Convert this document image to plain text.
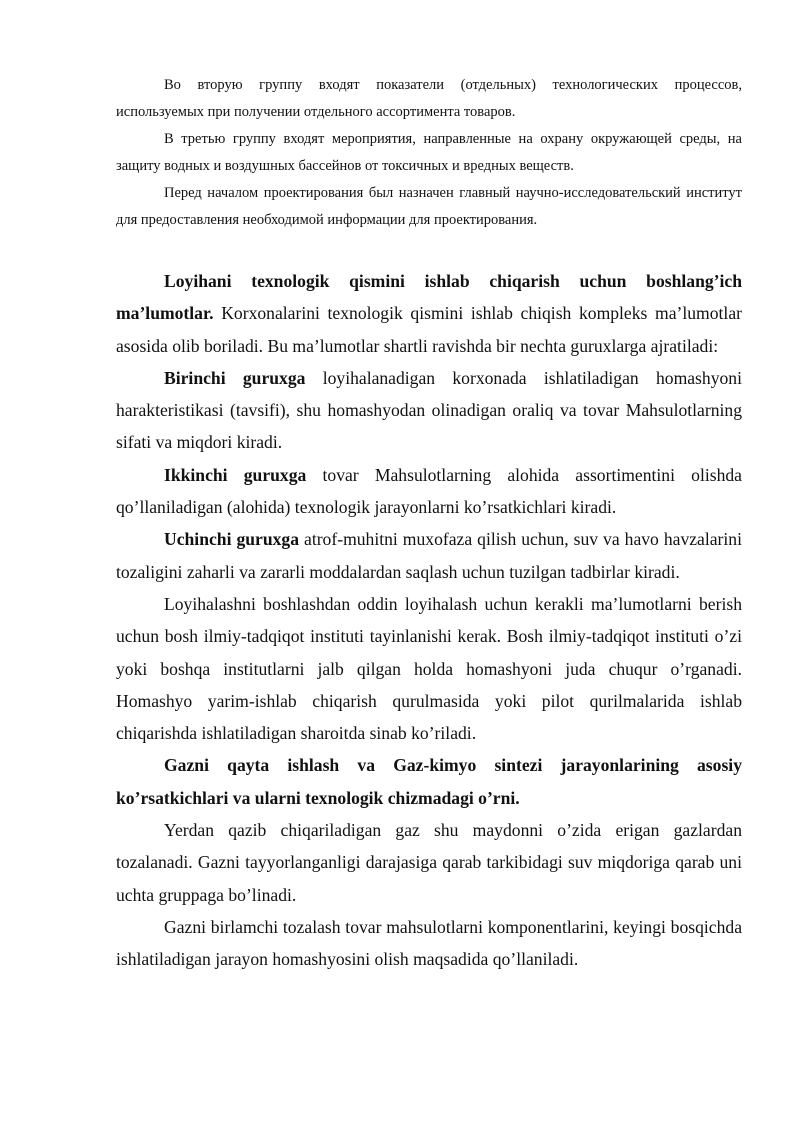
Во вторую группу входят показатели (отдельных) технологических процессов, используемых при получении отдельного ассортимента товаров.

В третью группу входят мероприятия, направленные на охрану окружающей среды, на защиту водных и воздушных бассейнов от токсичных и вредных веществ.

Перед началом проектирования был назначен главный научно-исследовательский институт для предоставления необходимой информации для проектирования.

Loyihani texnologik qismini ishlab chiqarish uchun boshlang’ich ma’lumotlar. Korxonalarini texnologik qismini ishlab chiqish kompleks ma’lumotlar asosida olib boriladi. Bu ma’lumotlar shartli ravishda bir nechta guruxlarga ajratiladi:

Birinchi guruxga loyihalanadigan korxonada ishlatiladigan homashyoni harakteristikasi (tavsifi), shu homashyodan olinadigan oraliq va tovar Mahsulotlarning sifati va miqdori kiradi.

Ikkinchi guruxga tovar Mahsulotlarning alohida assortimentini olishda qo’llaniladigan (alohida) texnologik jarayonlarni ko’rsatkichlari kiradi.

Uchinchi guruxga atrof-muhitni muxofaza qilish uchun, suv va havo havzalarini tozaligini zaharli va zararli moddalardan saqlash uchun tuzilgan tadbirlar kiradi.

Loyihalashni boshlashdan oddin loyihalash uchun kerakli ma’lumotlarni berish uchun bosh ilmiy-tadqiqot instituti tayinlanishi kerak. Bosh ilmiy-tadqiqot instituti o’zi yoki boshqa institutlarni jalb qilgan holda homashyoni juda chuqur o’rganadi. Homashyo yarim-ishlab chiqarish qurulmasida yoki pilot qurilmalarida ishlab chiqarishda ishlatiladigan sharoitda sinab ko’riladi.

Gazni qayta ishlash va Gaz-kimyo sintezi jarayonlarining asosiy ko’rsatkichlari va ularni texnologik chizmadagi o’rni.

Yerdan qazib chiqariladigan gaz shu maydonni o’zida erigan gazlardan tozalanadi. Gazni tayyorlanganligi darajasiga qarab tarkibidagi suv miqdoriga qarab uni uchta gruppaga bo’linadi.

Gazni birlamchi tozalash tovar mahsulotlarni komponentlarini, keyingi bosqichda ishlatiladigan jarayon homashyosini olish maqsadida qo’llaniladi.
